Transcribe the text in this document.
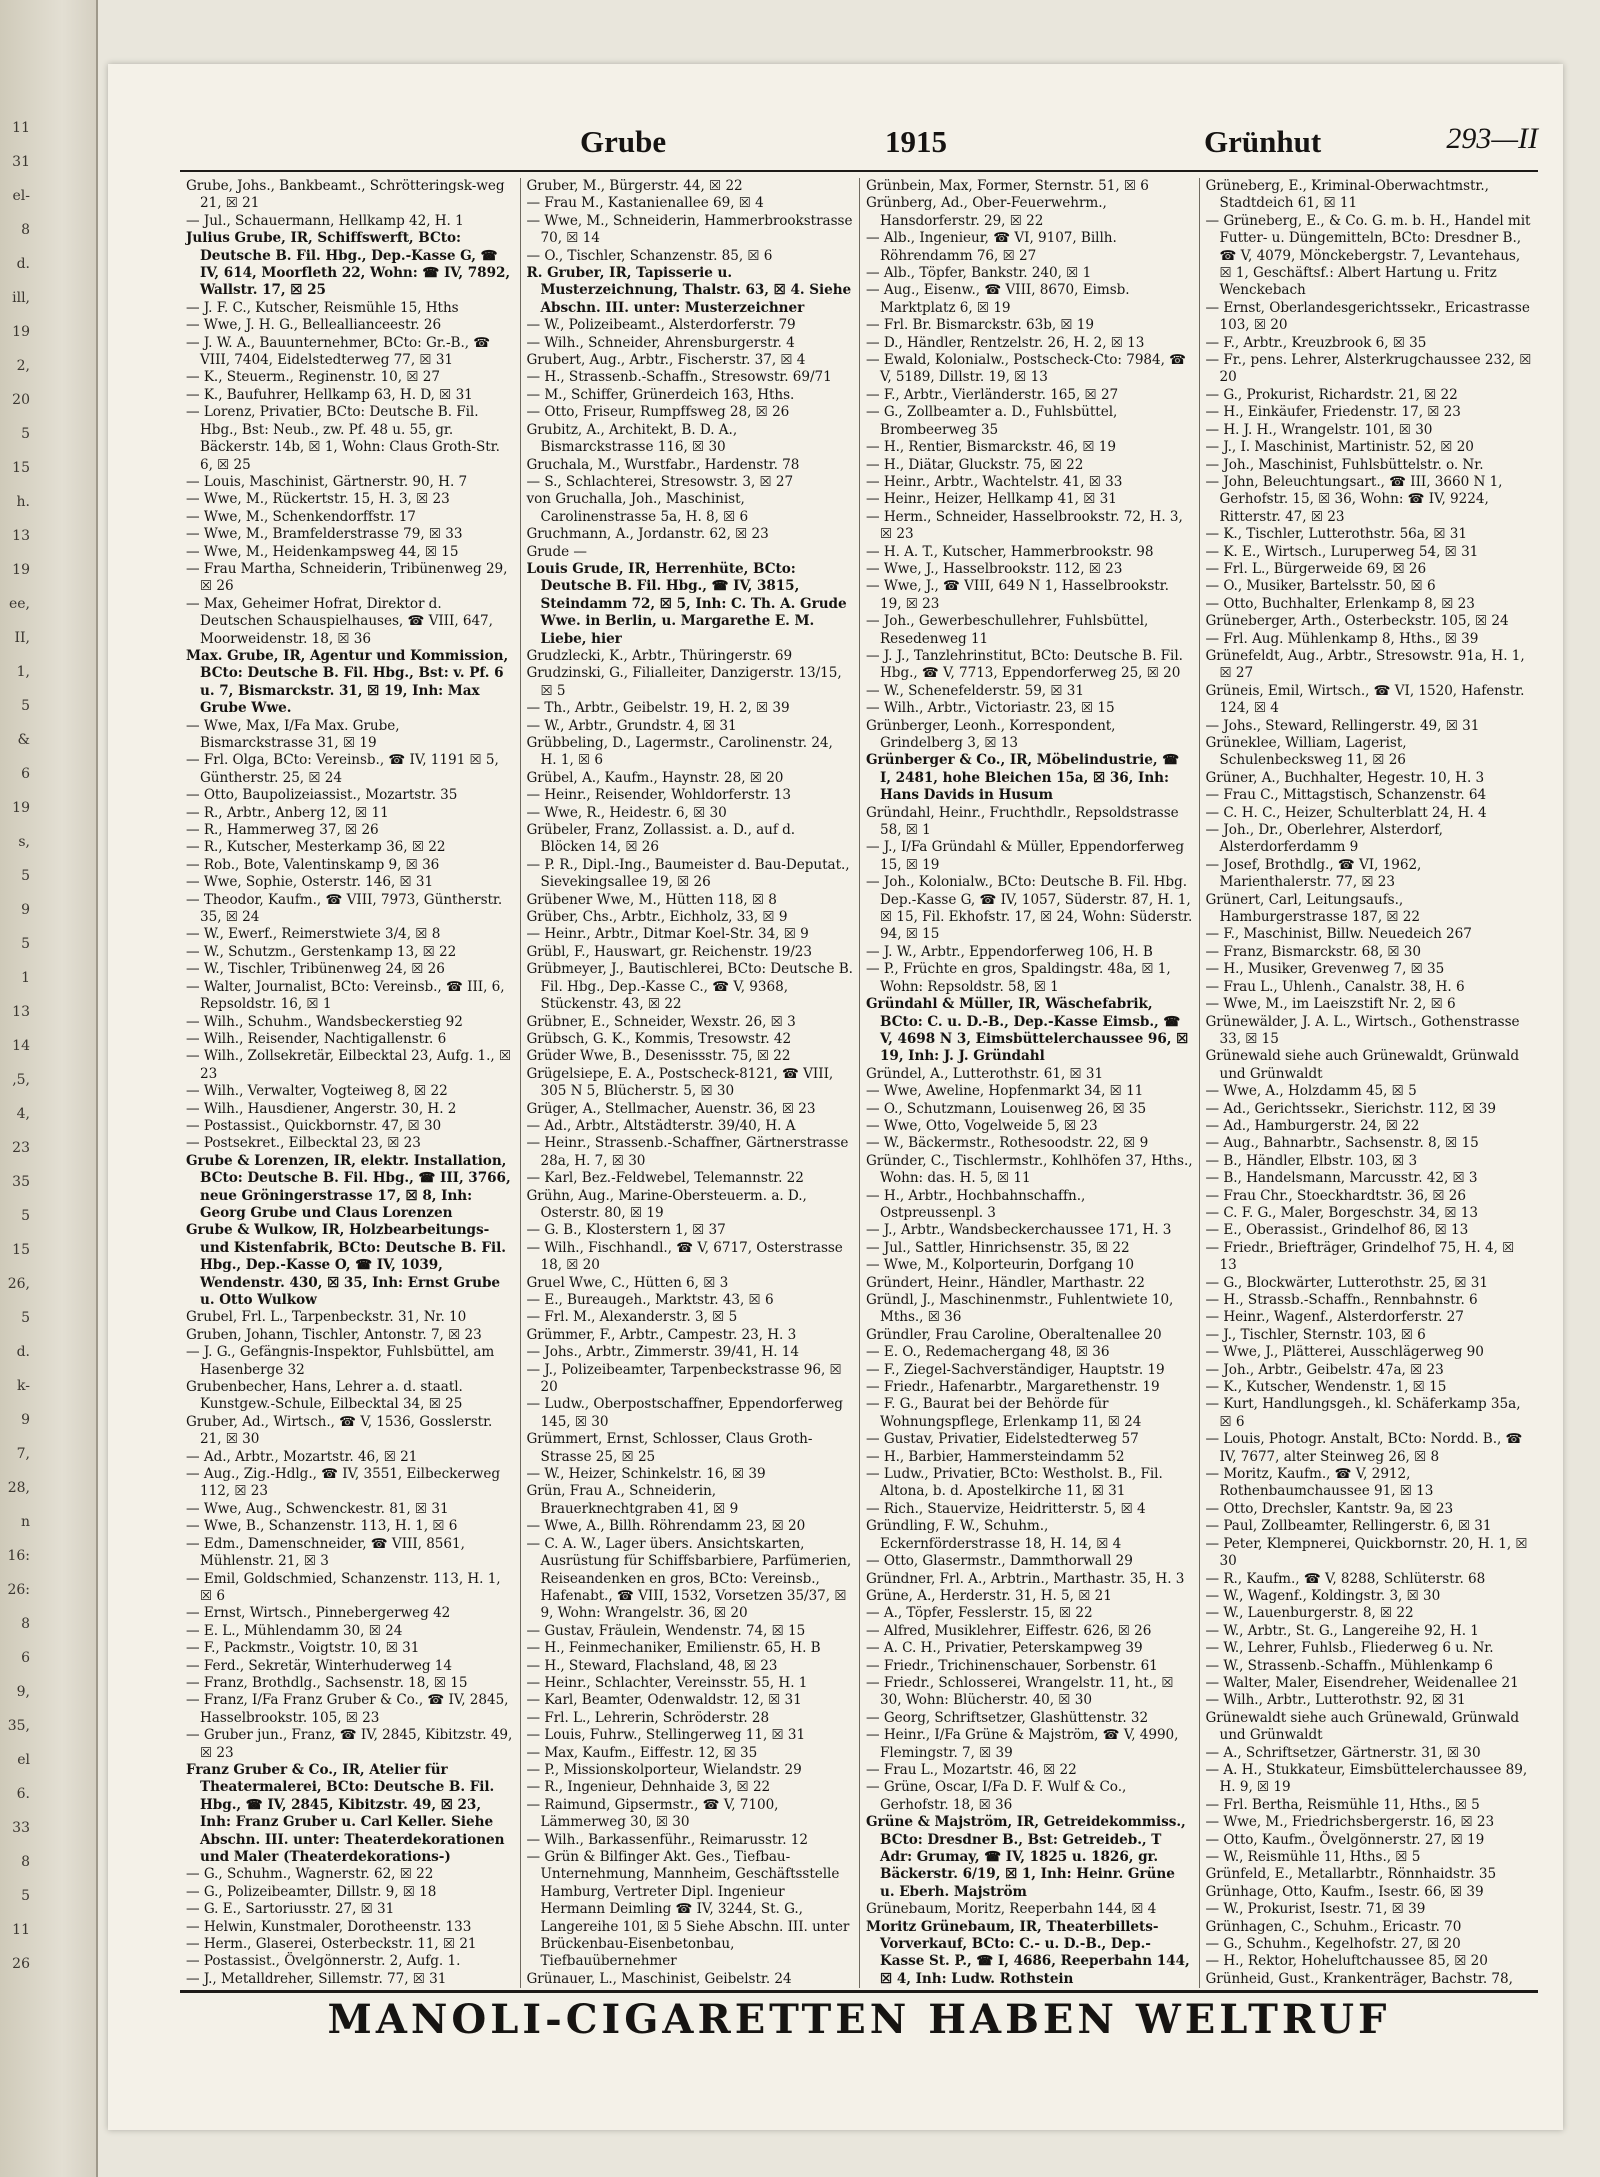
11
31
el-
8
d.
ill,
19
2,
20
5
15
h.
13
19
ee,
II,
1,
5
&
6
19
s,
5
9
5
1
13
14
,5,
4,
23
35
5
15
26,
5
d.
k-
9
7,
28,
n
16:
26:
8
6
9,
35,
el
6.
33
8
5
11
26
Grube	1915	Grünhut	293—II

Grube, Johs., Bankbeamt., Schrötteringsk-weg 21, ☒ 21

— Jul., Schauermann, Hellkamp 42, H. 1

Julius Grube, IR, Schiffswerft, BCto: Deutsche B. Fil. Hbg., Dep.-Kasse G, ☎ IV, 614, Moorfleth 22, Wohn: ☎ IV, 7892, Wallstr. 17, ☒ 25

— J. F. C., Kutscher, Reismühle 15, Hths

— Wwe, J. H. G., Belleallianceestr. 26

— J. W. A., Bauunternehmer, BCto: Gr.-B., ☎ VIII, 7404, Eidelstedterweg 77, ☒ 31

— K., Steuerm., Reginenstr. 10, ☒ 27

— K., Baufuhrer, Hellkamp 63, H. D, ☒ 31

— Lorenz, Privatier, BCto: Deutsche B. Fil. Hbg., Bst: Neub., zw. Pf. 48 u. 55, gr. Bäckerstr. 14b, ☒ 1, Wohn: Claus Groth-Str. 6, ☒ 25

— Louis, Maschinist, Gärtnerstr. 90, H. 7

— Wwe, M., Rückertstr. 15, H. 3, ☒ 23

— Wwe, M., Schenkendorffstr. 17

— Wwe, M., Bramfelderstrasse 79, ☒ 33

— Wwe, M., Heidenkampsweg 44, ☒ 15

— Frau Martha, Schneiderin, Tribünenweg 29, ☒ 26

— Max, Geheimer Hofrat, Direktor d. Deutschen Schauspielhauses, ☎ VIII, 647, Moorweidenstr. 18, ☒ 36

Max. Grube, IR, Agentur und Kommission, BCto: Deutsche B. Fil. Hbg., Bst: v. Pf. 6 u. 7, Bismarckstr. 31, ☒ 19, Inh: Max Grube Wwe.

— Wwe, Max, I/Fa Max. Grube, Bismarckstrasse 31, ☒ 19

— Frl. Olga, BCto: Vereinsb., ☎ IV, 1191 ☒ 5, Güntherstr. 25, ☒ 24

— Otto, Baupolizeiassist., Mozartstr. 35

— R., Arbtr., Anberg 12, ☒ 11

— R., Hammerweg 37, ☒ 26

— R., Kutscher, Mesterkamp 36, ☒ 22

— Rob., Bote, Valentinskamp 9, ☒ 36

— Wwe, Sophie, Osterstr. 146, ☒ 31

— Theodor, Kaufm., ☎ VIII, 7973, Güntherstr. 35, ☒ 24

— W., Ewerf., Reimerstwiete 3/4, ☒ 8

— W., Schutzm., Gerstenkamp 13, ☒ 22

— W., Tischler, Tribünenweg 24, ☒ 26

— Walter, Journalist, BCto: Vereinsb., ☎ III, 6, Repsoldstr. 16, ☒ 1

— Wilh., Schuhm., Wandsbeckerstieg 92

— Wilh., Reisender, Nachtigallenstr. 6

— Wilh., Zollsekretär, Eilbecktal 23, Aufg. 1., ☒ 23

— Wilh., Verwalter, Vogteiweg 8, ☒ 22

— Wilh., Hausdiener, Angerstr. 30, H. 2

— Postassist., Quickbornstr. 47, ☒ 30

— Postsekret., Eilbecktal 23, ☒ 23

Grube & Lorenzen, IR, elektr. Installation, BCto: Deutsche B. Fil. Hbg., ☎ III, 3766, neue Gröningerstrasse 17, ☒ 8, Inh: Georg Grube und Claus Lorenzen

Grube & Wulkow, IR, Holzbearbeitungs- und Kistenfabrik, BCto: Deutsche B. Fil. Hbg., Dep.-Kasse O, ☎ IV, 1039, Wendenstr. 430, ☒ 35, Inh: Ernst Grube u. Otto Wulkow

Grubel, Frl. L., Tarpenbeckstr. 31, Nr. 10

Gruben, Johann, Tischler, Antonstr. 7, ☒ 23

— J. G., Gefängnis-Inspektor, Fuhlsbüttel, am Hasenberge 32

Grubenbecher, Hans, Lehrer a. d. staatl. Kunstgew.-Schule, Eilbecktal 34, ☒ 25

Gruber, Ad., Wirtsch., ☎ V, 1536, Gosslerstr. 21, ☒ 30

— Ad., Arbtr., Mozartstr. 46, ☒ 21

— Aug., Zig.-Hdlg., ☎ IV, 3551, Eilbeckerweg 112, ☒ 23

— Wwe, Aug., Schwenckestr. 81, ☒ 31

— Wwe, B., Schanzenstr. 113, H. 1, ☒ 6

— Edm., Damenschneider, ☎ VIII, 8561, Mühlenstr. 21, ☒ 3

— Emil, Goldschmied, Schanzenstr. 113, H. 1, ☒ 6

— Ernst, Wirtsch., Pinnebergerweg 42

— E. L., Mühlendamm 30, ☒ 24

— F., Packmstr., Voigtstr. 10, ☒ 31

— Ferd., Sekretär, Winterhuderweg 14

— Franz, Brothdlg., Sachsenstr. 18, ☒ 15

— Franz, I/Fa Franz Gruber & Co., ☎ IV, 2845, Hasselbrookstr. 105, ☒ 23

— Gruber jun., Franz, ☎ IV, 2845, Kibitzstr. 49, ☒ 23

Franz Gruber & Co., IR, Atelier für Theatermalerei, BCto: Deutsche B. Fil. Hbg., ☎ IV, 2845, Kibitzstr. 49, ☒ 23, Inh: Franz Gruber u. Carl Keller. Siehe Abschn. III. unter: Theaterdekorationen und Maler (Theaterdekorations-)

— G., Schuhm., Wagnerstr. 62, ☒ 22

— G., Polizeibeamter, Dillstr. 9, ☒ 18

— G. E., Sartoriusstr. 27, ☒ 31

— Helwin, Kunstmaler, Dorotheenstr. 133

— Herm., Glaserei, Osterbeckstr. 11, ☒ 21

— Postassist., Övelgönnerstr. 2, Aufg. 1.

— J., Metalldreher, Sillemstr. 77, ☒ 31

Gruber, M., Bürgerstr. 44, ☒ 22

— Frau M., Kastanienallee 69, ☒ 4

— Wwe, M., Schneiderin, Hammerbrookstrasse 70, ☒ 14

— O., Tischler, Schanzenstr. 85, ☒ 6

R. Gruber, IR, Tapisserie u. Musterzeichnung, Thalstr. 63, ☒ 4. Siehe Abschn. III. unter: Musterzeichner

— W., Polizeibeamt., Alsterdorferstr. 79

— Wilh., Schneider, Ahrensburgerstr. 4

Grubert, Aug., Arbtr., Fischerstr. 37, ☒ 4

— H., Strassenb.-Schaffn., Stresowstr. 69/71

— M., Schiffer, Grünerdeich 163, Hths.

— Otto, Friseur, Rumpffsweg 28, ☒ 26

Grubitz, A., Architekt, B. D. A., Bismarckstrasse 116, ☒ 30

Gruchala, M., Wurstfabr., Hardenstr. 78

— S., Schlachterei, Stresowstr. 3, ☒ 27

von Gruchalla, Joh., Maschinist, Carolinenstrasse 5a, H. 8, ☒ 6

Gruchmann, A., Jordanstr. 62, ☒ 23

Grude —

Louis Grude, IR, Herrenhüte, BCto: Deutsche B. Fil. Hbg., ☎ IV, 3815, Steindamm 72, ☒ 5, Inh: C. Th. A. Grude Wwe. in Berlin, u. Margarethe E. M. Liebe, hier

Grudzlecki, K., Arbtr., Thüringerstr. 69

Grudzinski, G., Filialleiter, Danzigerstr. 13/15, ☒ 5

— Th., Arbtr., Geibelstr. 19, H. 2, ☒ 39

— W., Arbtr., Grundstr. 4, ☒ 31

Grübbeling, D., Lagermstr., Carolinenstr. 24, H. 1, ☒ 6

Grübel, A., Kaufm., Haynstr. 28, ☒ 20

— Heinr., Reisender, Wohldorferstr. 13

— Wwe, R., Heidestr. 6, ☒ 30

Grübeler, Franz, Zollassist. a. D., auf d. Blöcken 14, ☒ 26

— P. R., Dipl.-Ing., Baumeister d. Bau-Deputat., Sievekingsallee 19, ☒ 26

Grübener Wwe, M., Hütten 118, ☒ 8

Grüber, Chs., Arbtr., Eichholz, 33, ☒ 9

— Heinr., Arbtr., Ditmar Koel-Str. 34, ☒ 9

Grübl, F., Hauswart, gr. Reichenstr. 19/23

Grübmeyer, J., Bautischlerei, BCto: Deutsche B. Fil. Hbg., Dep.-Kasse C., ☎ V, 9368, Stückenstr. 43, ☒ 22

Grübner, E., Schneider, Wexstr. 26, ☒ 3

Grübsch, G. K., Kommis, Tresowstr. 42

Grüder Wwe, B., Desenissstr. 75, ☒ 22

Grügelsiepe, E. A., Postscheck-8121, ☎ VIII, 305 N 5, Blücherstr. 5, ☒ 30

Grüger, A., Stellmacher, Auenstr. 36, ☒ 23

— Ad., Arbtr., Altstädterstr. 39/40, H. A

— Heinr., Strassenb.-Schaffner, Gärtnerstrasse 28a, H. 7, ☒ 30

— Karl, Bez.-Feldwebel, Telemannstr. 22

Grühn, Aug., Marine-Obersteuerm. a. D., Osterstr. 80, ☒ 19

— G. B., Klosterstern 1, ☒ 37

— Wilh., Fischhandl., ☎ V, 6717, Osterstrasse 18, ☒ 20

Gruel Wwe, C., Hütten 6, ☒ 3

— E., Bureaugeh., Marktstr. 43, ☒ 6

— Frl. M., Alexanderstr. 3, ☒ 5

Grümmer, F., Arbtr., Campestr. 23, H. 3

— Johs., Arbtr., Zimmerstr. 39/41, H. 14

— J., Polizeibeamter, Tarpenbeckstrasse 96, ☒ 20

— Ludw., Oberpostschaffner, Eppendorferweg 145, ☒ 30

Grümmert, Ernst, Schlosser, Claus Groth-Strasse 25, ☒ 25

— W., Heizer, Schinkelstr. 16, ☒ 39

Grün, Frau A., Schneiderin, Brauerknechtgraben 41, ☒ 9

— Wwe, A., Billh. Röhrendamm 23, ☒ 20

— C. A. W., Lager übers. Ansichtskarten, Ausrüstung für Schiffsbarbiere, Parfümerien, Reiseandenken en gros, BCto: Vereinsb., Hafenabt., ☎ VIII, 1532, Vorsetzen 35/37, ☒ 9, Wohn: Wrangelstr. 36, ☒ 20

— Gustav, Fräulein, Wendenstr. 74, ☒ 15

— H., Feinmechaniker, Emilienstr. 65, H. B

— H., Steward, Flachsland, 48, ☒ 23

— Heinr., Schlachter, Vereinsstr. 55, H. 1

— Karl, Beamter, Odenwaldstr. 12, ☒ 31

— Frl. L., Lehrerin, Schröderstr. 28

— Louis, Fuhrw., Stellingerweg 11, ☒ 31

— Max, Kaufm., Eiffestr. 12, ☒ 35

— P., Missionskolporteur, Wielandstr. 29

— R., Ingenieur, Dehnhaide 3, ☒ 22

— Raimund, Gipsermstr., ☎ V, 7100, Lämmerweg 30, ☒ 30

— Wilh., Barkassenführ., Reimarusstr. 12

— Grün & Bilfinger Akt. Ges., Tiefbau-Unternehmung, Mannheim, Geschäftsstelle Hamburg, Vertreter Dipl. Ingenieur Hermann Deimling ☎ IV, 3244, St. G., Langereihe 101, ☒ 5 Siehe Abschn. III. unter Brückenbau-Eisenbetonbau, Tiefbauübernehmer

Grünauer, L., Maschinist, Geibelstr. 24

Grünbein, Max, Former, Sternstr. 51, ☒ 6

Grünberg, Ad., Ober-Feuerwehrm., Hansdorferstr. 29, ☒ 22

— Alb., Ingenieur, ☎ VI, 9107, Billh. Röhrendamm 76, ☒ 27

— Alb., Töpfer, Bankstr. 240, ☒ 1

— Aug., Eisenw., ☎ VIII, 8670, Eimsb. Marktplatz 6, ☒ 19

— Frl. Br. Bismarckstr. 63b, ☒ 19

— D., Händler, Rentzelstr. 26, H. 2, ☒ 13

— Ewald, Kolonialw., Postscheck-Cto: 7984, ☎ V, 5189, Dillstr. 19, ☒ 13

— F., Arbtr., Vierländerstr. 165, ☒ 27

— G., Zollbeamter a. D., Fuhlsbüttel, Brombeerweg 35

— H., Rentier, Bismarckstr. 46, ☒ 19

— H., Diätar, Gluckstr. 75, ☒ 22

— Heinr., Arbtr., Wachtelstr. 41, ☒ 33

— Heinr., Heizer, Hellkamp 41, ☒ 31

— Herm., Schneider, Hasselbrookstr. 72, H. 3, ☒ 23

— H. A. T., Kutscher, Hammerbrookstr. 98

— Wwe, J., Hasselbrookstr. 112, ☒ 23

— Wwe, J., ☎ VIII, 649 N 1, Hasselbrookstr. 19, ☒ 23

— Joh., Gewerbeschullehrer, Fuhlsbüttel, Resedenweg 11

— J. J., Tanzlehrinstitut, BCto: Deutsche B. Fil. Hbg., ☎ V, 7713, Eppendorferweg 25, ☒ 20

— W., Schenefelderstr. 59, ☒ 31

— Wilh., Arbtr., Victoriastr. 23, ☒ 15

Grünberger, Leonh., Korrespondent, Grindelberg 3, ☒ 13

Grünberger & Co., IR, Möbelindustrie, ☎ I, 2481, hohe Bleichen 15a, ☒ 36, Inh: Hans Davids in Husum

Gründahl, Heinr., Fruchthdlr., Repsoldstrasse 58, ☒ 1

— J., I/Fa Gründahl & Müller, Eppendorferweg 15, ☒ 19

— Joh., Kolonialw., BCto: Deutsche B. Fil. Hbg. Dep.-Kasse G, ☎ IV, 1057, Süderstr. 87, H. 1, ☒ 15, Fil. Ekhofstr. 17, ☒ 24, Wohn: Süderstr. 94, ☒ 15

— J. W., Arbtr., Eppendorferweg 106, H. B

— P., Früchte en gros, Spaldingstr. 48a, ☒ 1, Wohn: Repsoldstr. 58, ☒ 1

Gründahl & Müller, IR, Wäschefabrik, BCto: C. u. D.-B., Dep.-Kasse Eimsb., ☎ V, 4698 N 3, Eimsbüttelerchaussee 96, ☒ 19, Inh: J. J. Gründahl

Gründel, A., Lutterothstr. 61, ☒ 31

— Wwe, Aweline, Hopfenmarkt 34, ☒ 11

— O., Schutzmann, Louisenweg 26, ☒ 35

— Wwe, Otto, Vogelweide 5, ☒ 23

— W., Bäckermstr., Rothesoodstr. 22, ☒ 9

Gründer, C., Tischlermstr., Kohlhöfen 37, Hths., Wohn: das. H. 5, ☒ 11

— H., Arbtr., Hochbahnschaffn., Ostpreussenpl. 3

— J., Arbtr., Wandsbeckerchaussee 171, H. 3

— Jul., Sattler, Hinrichsenstr. 35, ☒ 22

— Wwe, M., Kolporteurin, Dorfgang 10

Gründert, Heinr., Händler, Marthastr. 22

Gründl, J., Maschinenmstr., Fuhlentwiete 10, Mths., ☒ 36

Gründler, Frau Caroline, Oberaltenallee 20

— E. O., Redemachergang 48, ☒ 36

— F., Ziegel-Sachverständiger, Hauptstr. 19

— Friedr., Hafenarbtr., Margarethenstr. 19

— F. G., Baurat bei der Behörde für Wohnungspflege, Erlenkamp 11, ☒ 24

— Gustav, Privatier, Eidelstedterweg 57

— H., Barbier, Hammersteindamm 52

— Ludw., Privatier, BCto: Westholst. B., Fil. Altona, b. d. Apostelkirche 11, ☒ 31

— Rich., Stauervize, Heidritterstr. 5, ☒ 4

Gründling, F. W., Schuhm., Eckernförderstrasse 18, H. 14, ☒ 4

— Otto, Glasermstr., Dammthorwall 29

Gründner, Frl. A., Arbtrin., Marthastr. 35, H. 3

Grüne, A., Herderstr. 31, H. 5, ☒ 21

— A., Töpfer, Fesslerstr. 15, ☒ 22

— Alfred, Musiklehrer, Eiffestr. 626, ☒ 26

— A. C. H., Privatier, Peterskampweg 39

— Friedr., Trichinenschauer, Sorbenstr. 61

— Friedr., Schlosserei, Wrangelstr. 11, ht., ☒ 30, Wohn: Blücherstr. 40, ☒ 30

— Georg, Schriftsetzer, Glashüttenstr. 32

— Heinr., I/Fa Grüne & Majström, ☎ V, 4990, Flemingstr. 7, ☒ 39

— Frau L., Mozartstr. 46, ☒ 22

— Grüne, Oscar, I/Fa D. F. Wulf & Co., Gerhofstr. 18, ☒ 36

Grüne & Majström, IR, Getreidekommiss., BCto: Dresdner B., Bst: Getreideb., T Adr: Grumay, ☎ IV, 1825 u. 1826, gr. Bäckerstr. 6/19, ☒ 1, Inh: Heinr. Grüne u. Eberh. Majström

Grünebaum, Moritz, Reeperbahn 144, ☒ 4

Moritz Grünebaum, IR, Theaterbillets-Vorverkauf, BCto: C.- u. D.-B., Dep.-Kasse St. P., ☎ I, 4686, Reeperbahn 144, ☒ 4, Inh: Ludw. Rothstein

Grüneberg, E., Kriminal-Oberwachtmstr., Stadtdeich 61, ☒ 11

— Grüneberg, E., & Co. G. m. b. H., Handel mit Futter- u. Düngemitteln, BCto: Dresdner B., ☎ V, 4079, Mönckebergstr. 7, Levantehaus, ☒ 1, Geschäftsf.: Albert Hartung u. Fritz Wenckebach

— Ernst, Oberlandesgerichtssekr., Ericastrasse 103, ☒ 20

— F., Arbtr., Kreuzbrook 6, ☒ 35

— Fr., pens. Lehrer, Alsterkrugchaussee 232, ☒ 20

— G., Prokurist, Richardstr. 21, ☒ 22

— H., Einkäufer, Friedenstr. 17, ☒ 23

— H. J. H., Wrangelstr. 101, ☒ 30

— J., I. Maschinist, Martinistr. 52, ☒ 20

— Joh., Maschinist, Fuhlsbüttelstr. o. Nr.

— John, Beleuchtungsart., ☎ III, 3660 N 1, Gerhofstr. 15, ☒ 36, Wohn: ☎ IV, 9224, Ritterstr. 47, ☒ 23

— K., Tischler, Lutterothstr. 56a, ☒ 31

— K. E., Wirtsch., Luruperweg 54, ☒ 31

— Frl. L., Bürgerweide 69, ☒ 26

— O., Musiker, Bartelsstr. 50, ☒ 6

— Otto, Buchhalter, Erlenkamp 8, ☒ 23

Grüneberger, Arth., Osterbeckstr. 105, ☒ 24

— Frl. Aug. Mühlenkamp 8, Hths., ☒ 39

Grünefeldt, Aug., Arbtr., Stresowstr. 91a, H. 1, ☒ 27

Grüneis, Emil, Wirtsch., ☎ VI, 1520, Hafenstr. 124, ☒ 4

— Johs., Steward, Rellingerstr. 49, ☒ 31

Grüneklee, William, Lagerist, Schulenbecksweg 11, ☒ 26

Grüner, A., Buchhalter, Hegestr. 10, H. 3

— Frau C., Mittagstisch, Schanzenstr. 64

— C. H. C., Heizer, Schulterblatt 24, H. 4

— Joh., Dr., Oberlehrer, Alsterdorf, Alsterdorferdamm 9

— Josef, Brothdlg., ☎ VI, 1962, Marienthalerstr. 77, ☒ 23

Grünert, Carl, Leitungsaufs., Hamburgerstrasse 187, ☒ 22

— F., Maschinist, Billw. Neuedeich 267

— Franz, Bismarckstr. 68, ☒ 30

— H., Musiker, Grevenweg 7, ☒ 35

— Frau L., Uhlenh., Canalstr. 38, H. 6

— Wwe, M., im Laeiszstift Nr. 2, ☒ 6

Grünewälder, J. A. L., Wirtsch., Gothenstrasse 33, ☒ 15

Grünewald siehe auch Grünewaldt, Grünwald und Grünwaldt

— Wwe, A., Holzdamm 45, ☒ 5

— Ad., Gerichtssekr., Sierichstr. 112, ☒ 39

— Ad., Hamburgerstr. 24, ☒ 22

— Aug., Bahnarbtr., Sachsenstr. 8, ☒ 15

— B., Händler, Elbstr. 103, ☒ 3

— B., Handelsmann, Marcusstr. 42, ☒ 3

— Frau Chr., Stoeckhardtstr. 36, ☒ 26

— C. F. G., Maler, Borgeschstr. 34, ☒ 13

— E., Oberassist., Grindelhof 86, ☒ 13

— Friedr., Briefträger, Grindelhof 75, H. 4, ☒ 13

— G., Blockwärter, Lutterothstr. 25, ☒ 31

— H., Strassb.-Schaffn., Rennbahnstr. 6

— Heinr., Wagenf., Alsterdorferstr. 27

— J., Tischler, Sternstr. 103, ☒ 6

— Wwe, J., Plätterei, Ausschlägerweg 90

— Joh., Arbtr., Geibelstr. 47a, ☒ 23

— K., Kutscher, Wendenstr. 1, ☒ 15

— Kurt, Handlungsgeh., kl. Schäferkamp 35a, ☒ 6

— Louis, Photogr. Anstalt, BCto: Nordd. B., ☎ IV, 7677, alter Steinweg 26, ☒ 8

— Moritz, Kaufm., ☎ V, 2912, Rothenbaumchaussee 91, ☒ 13

— Otto, Drechsler, Kantstr. 9a, ☒ 23

— Paul, Zollbeamter, Rellingerstr. 6, ☒ 31

— Peter, Klempnerei, Quickbornstr. 20, H. 1, ☒ 30

— R., Kaufm., ☎ V, 8288, Schlüterstr. 68

— W., Wagenf., Koldingstr. 3, ☒ 30

— W., Lauenburgerstr. 8, ☒ 22

— W., Arbtr., St. G., Langereihe 92, H. 1

— W., Lehrer, Fuhlsb., Fliederweg 6 u. Nr.

— W., Strassenb.-Schaffn., Mühlenkamp 6

— Walter, Maler, Eisendreher, Weidenallee 21

— Wilh., Arbtr., Lutterothstr. 92, ☒ 31

Grünewaldt siehe auch Grünewald, Grünwald und Grünwaldt

— A., Schriftsetzer, Gärtnerstr. 31, ☒ 30

— A. H., Stukkateur, Eimsbüttelerchaussee 89, H. 9, ☒ 19

— Frl. Bertha, Reismühle 11, Hths., ☒ 5

— Wwe, M., Friedrichsbergerstr. 16, ☒ 23

— Otto, Kaufm., Övelgönnerstr. 27, ☒ 19

— W., Reismühle 11, Hths., ☒ 5

Grünfeld, E., Metallarbtr., Rönnhaidstr. 35

Grünhage, Otto, Kaufm., Isestr. 66, ☒ 39

— W., Prokurist, Isestr. 71, ☒ 39

Grünhagen, C., Schuhm., Ericastr. 70

— G., Schuhm., Kegelhofstr. 27, ☒ 20

— H., Rektor, Hoheluftchaussee 85, ☒ 20

Grünheid, Gust., Krankenträger, Bachstr. 78,

MANOLI-CIGARETTEN HABEN WELTRUF
